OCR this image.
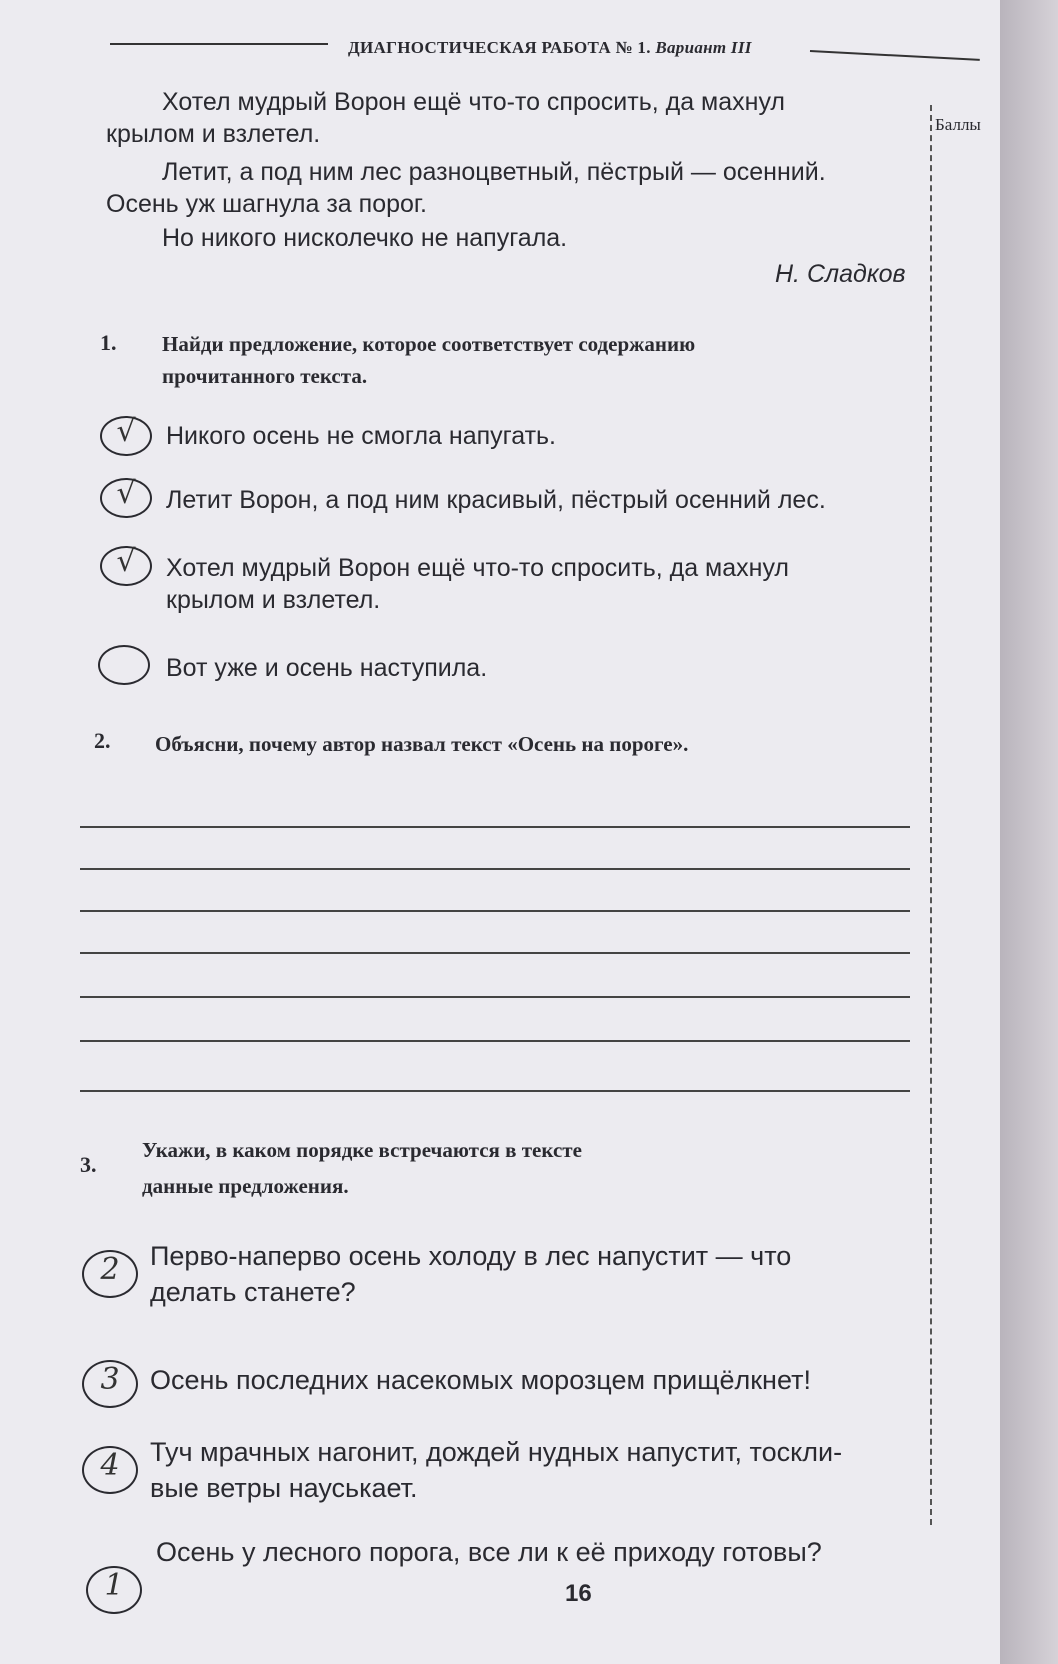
ДИАГНОСТИЧЕСКАЯ РАБОТА № 1. Вариант III
Баллы
Хотел мудрый Ворон ещё что-то спросить, да махнул
крылом и взлетел.
Летит, а под ним лес разноцветный, пёстрый — осенний.
Осень уж шагнула за порог.
Но никого нисколечко не напугала.
Н. Сладков
1. Найди предложение, которое соответствует содержанию
прочитанного текста.
√	Никого осень не смогла напугать.
√	Летит Ворон, а под ним красивый, пёстрый осенний лес.
√	Хотел мудрый Ворон ещё что-то спросить, да махнул
крылом и взлетел.
Вот уже и осень наступила.
2. Объясни, почему автор назвал текст «Осень на пороге».
3.
Укажи, в каком порядке встречаются в тексте
данные предложения.
2	Перво-наперво осень холоду в лес напустит — что
делать станете?
3	Осень последних насекомых морозцем прищёлкнет!
4	Туч мрачных нагонит, дождей нудных напустит, тоскли-
вые ветры науськает.
1
Осень у лесного порога, все ли к её приходу готовы?
16
